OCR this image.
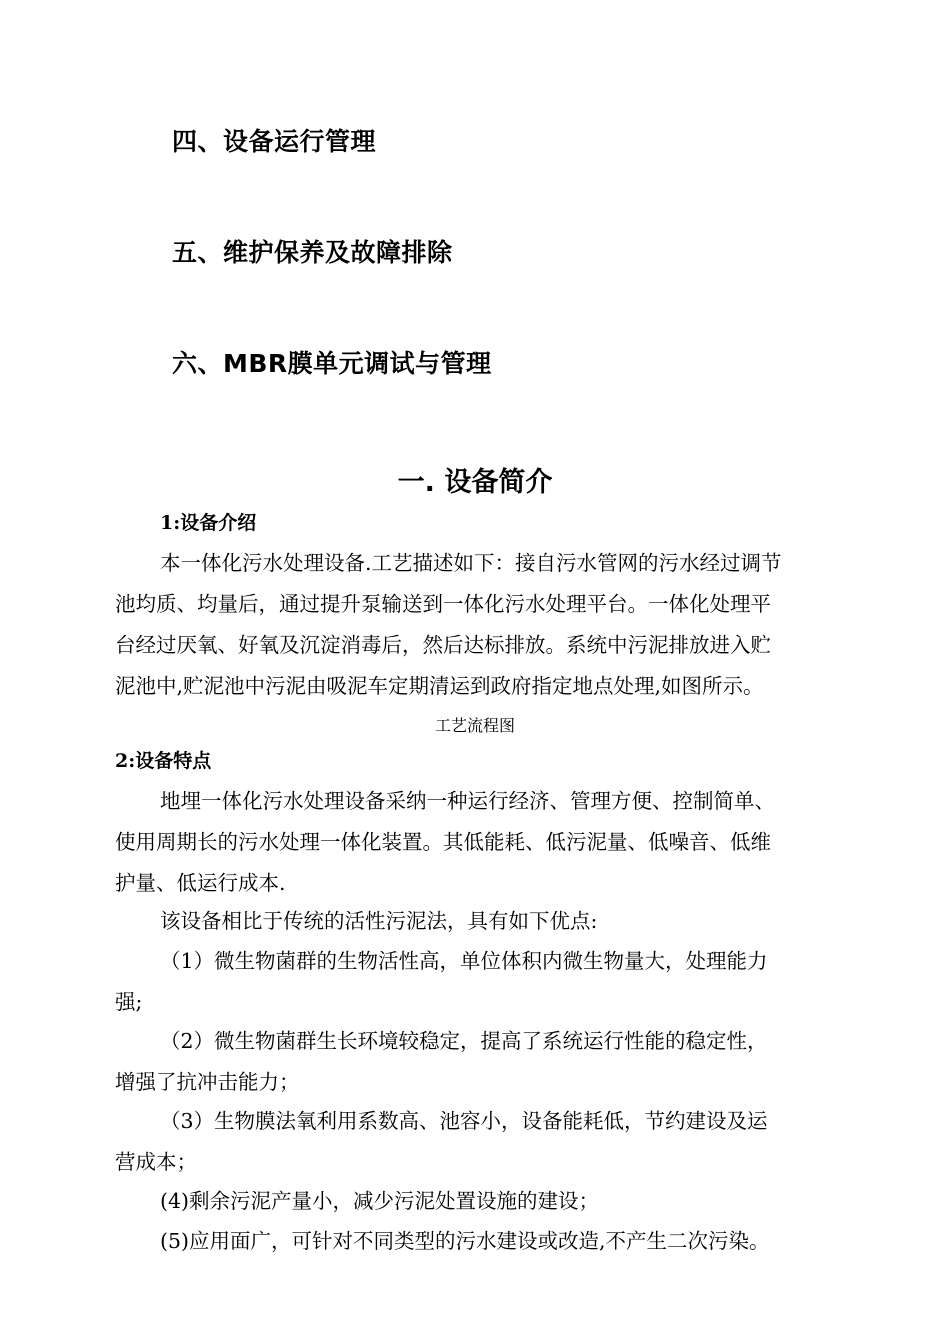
四、设备运行管理
五、维护保养及故障排除
六、MBR膜单元调试与管理
一. 设备简介
1:设备介绍
本一体化污水处理设备.工艺描述如下：接自污水管网的污水经过调节
池均质、均量后，通过提升泵输送到一体化污水处理平台。一体化处理平
台经过厌氧、好氧及沉淀消毒后，然后达标排放。系统中污泥排放进入贮
泥池中,贮泥池中污泥由吸泥车定期清运到政府指定地点处理,如图所示。
工艺流程图
2:设备特点
地埋一体化污水处理设备采纳一种运行经济、管理方便、控制简单、
使用周期长的污水处理一体化装置。其低能耗、低污泥量、低噪音、低维
护量、低运行成本.
该设备相比于传统的活性污泥法，具有如下优点:
（1）微生物菌群的生物活性高，单位体积内微生物量大，处理能力
强;
（2）微生物菌群生长环境较稳定，提高了系统运行性能的稳定性，
增强了抗冲击能力；
（3）生物膜法氧利用系数高、池容小，设备能耗低，节约建设及运
营成本；
(4)剩余污泥产量小，减少污泥处置设施的建设；
(5)应用面广，可针对不同类型的污水建设或改造,不产生二次污染。
